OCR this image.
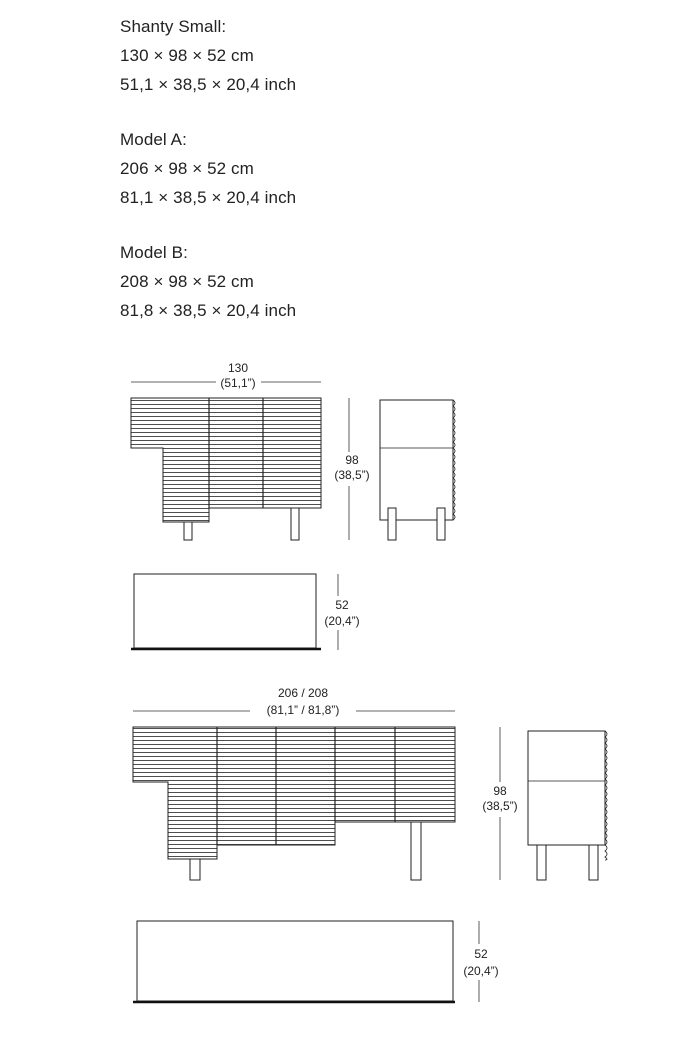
Shanty Small:
130 × 98 × 52 cm
51,1 × 38,5 × 20,4 inch
Model A:
206 × 98 × 52 cm
81,1 × 38,5 × 20,4 inch
Model B:
208 × 98 × 52 cm
81,8 × 38,5 × 20,4 inch
130
(51,1”)
98
(38,5”)
52
(20,4”)
206 / 208
(81,1” / 81,8”)
98
(38,5”)
52
(20,4”)
